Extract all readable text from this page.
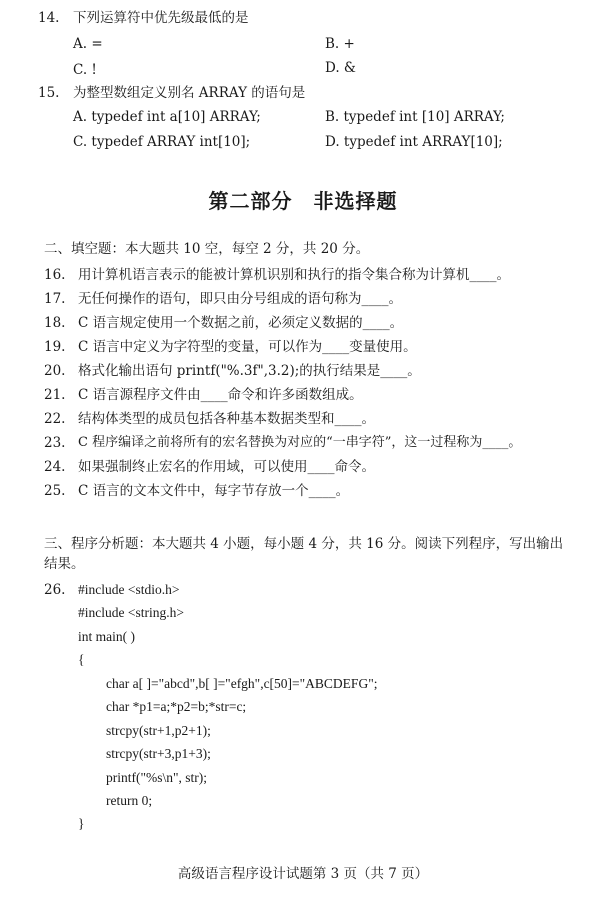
14. 下列运算符中优先级最低的是
A. =	B. +
C. !	D. &
15. 为整型数组定义别名 ARRAY 的语句是
A. typedef int a[10] ARRAY;	B. typedef int [10] ARRAY;
C. typedef ARRAY int[10];	D. typedef int ARRAY[10];
第二部分　非选择题
二、填空题：本大题共 10 空，每空 2 分，共 20 分。
16. 用计算机语言表示的能被计算机识别和执行的指令集合称为计算机____。
17. 无任何操作的语句，即只由分号组成的语句称为____。
18. C 语言规定使用一个数据之前，必须定义数据的____。
19. C 语言中定义为字符型的变量，可以作为____变量使用。
20. 格式化输出语句 printf("%.3f",3.2);的执行结果是____。
21. C 语言源程序文件由____命令和许多函数组成。
22. 结构体类型的成员包括各种基本数据类型和____。
23. C 程序编译之前将所有的宏名替换为对应的“一串字符”，这一过程称为____。
24. 如果强制终止宏名的作用域，可以使用____命令。
25. C 语言的文本文件中，每字节存放一个____。
三、程序分析题：本大题共 4 小题，每小题 4 分，共 16 分。阅读下列程序，写出输出结果。
26. #include <stdio.h>
#include <string.h>
int main( )
{
char a[ ]="abcd",b[ ]="efgh",c[50]="ABCDEFG";
char *p1=a;*p2=b;*str=c;
strcpy(str+1,p2+1);
strcpy(str+3,p1+3);
printf("%s\n", str);
return 0;
}
高级语言程序设计试题第 3 页（共 7 页）
